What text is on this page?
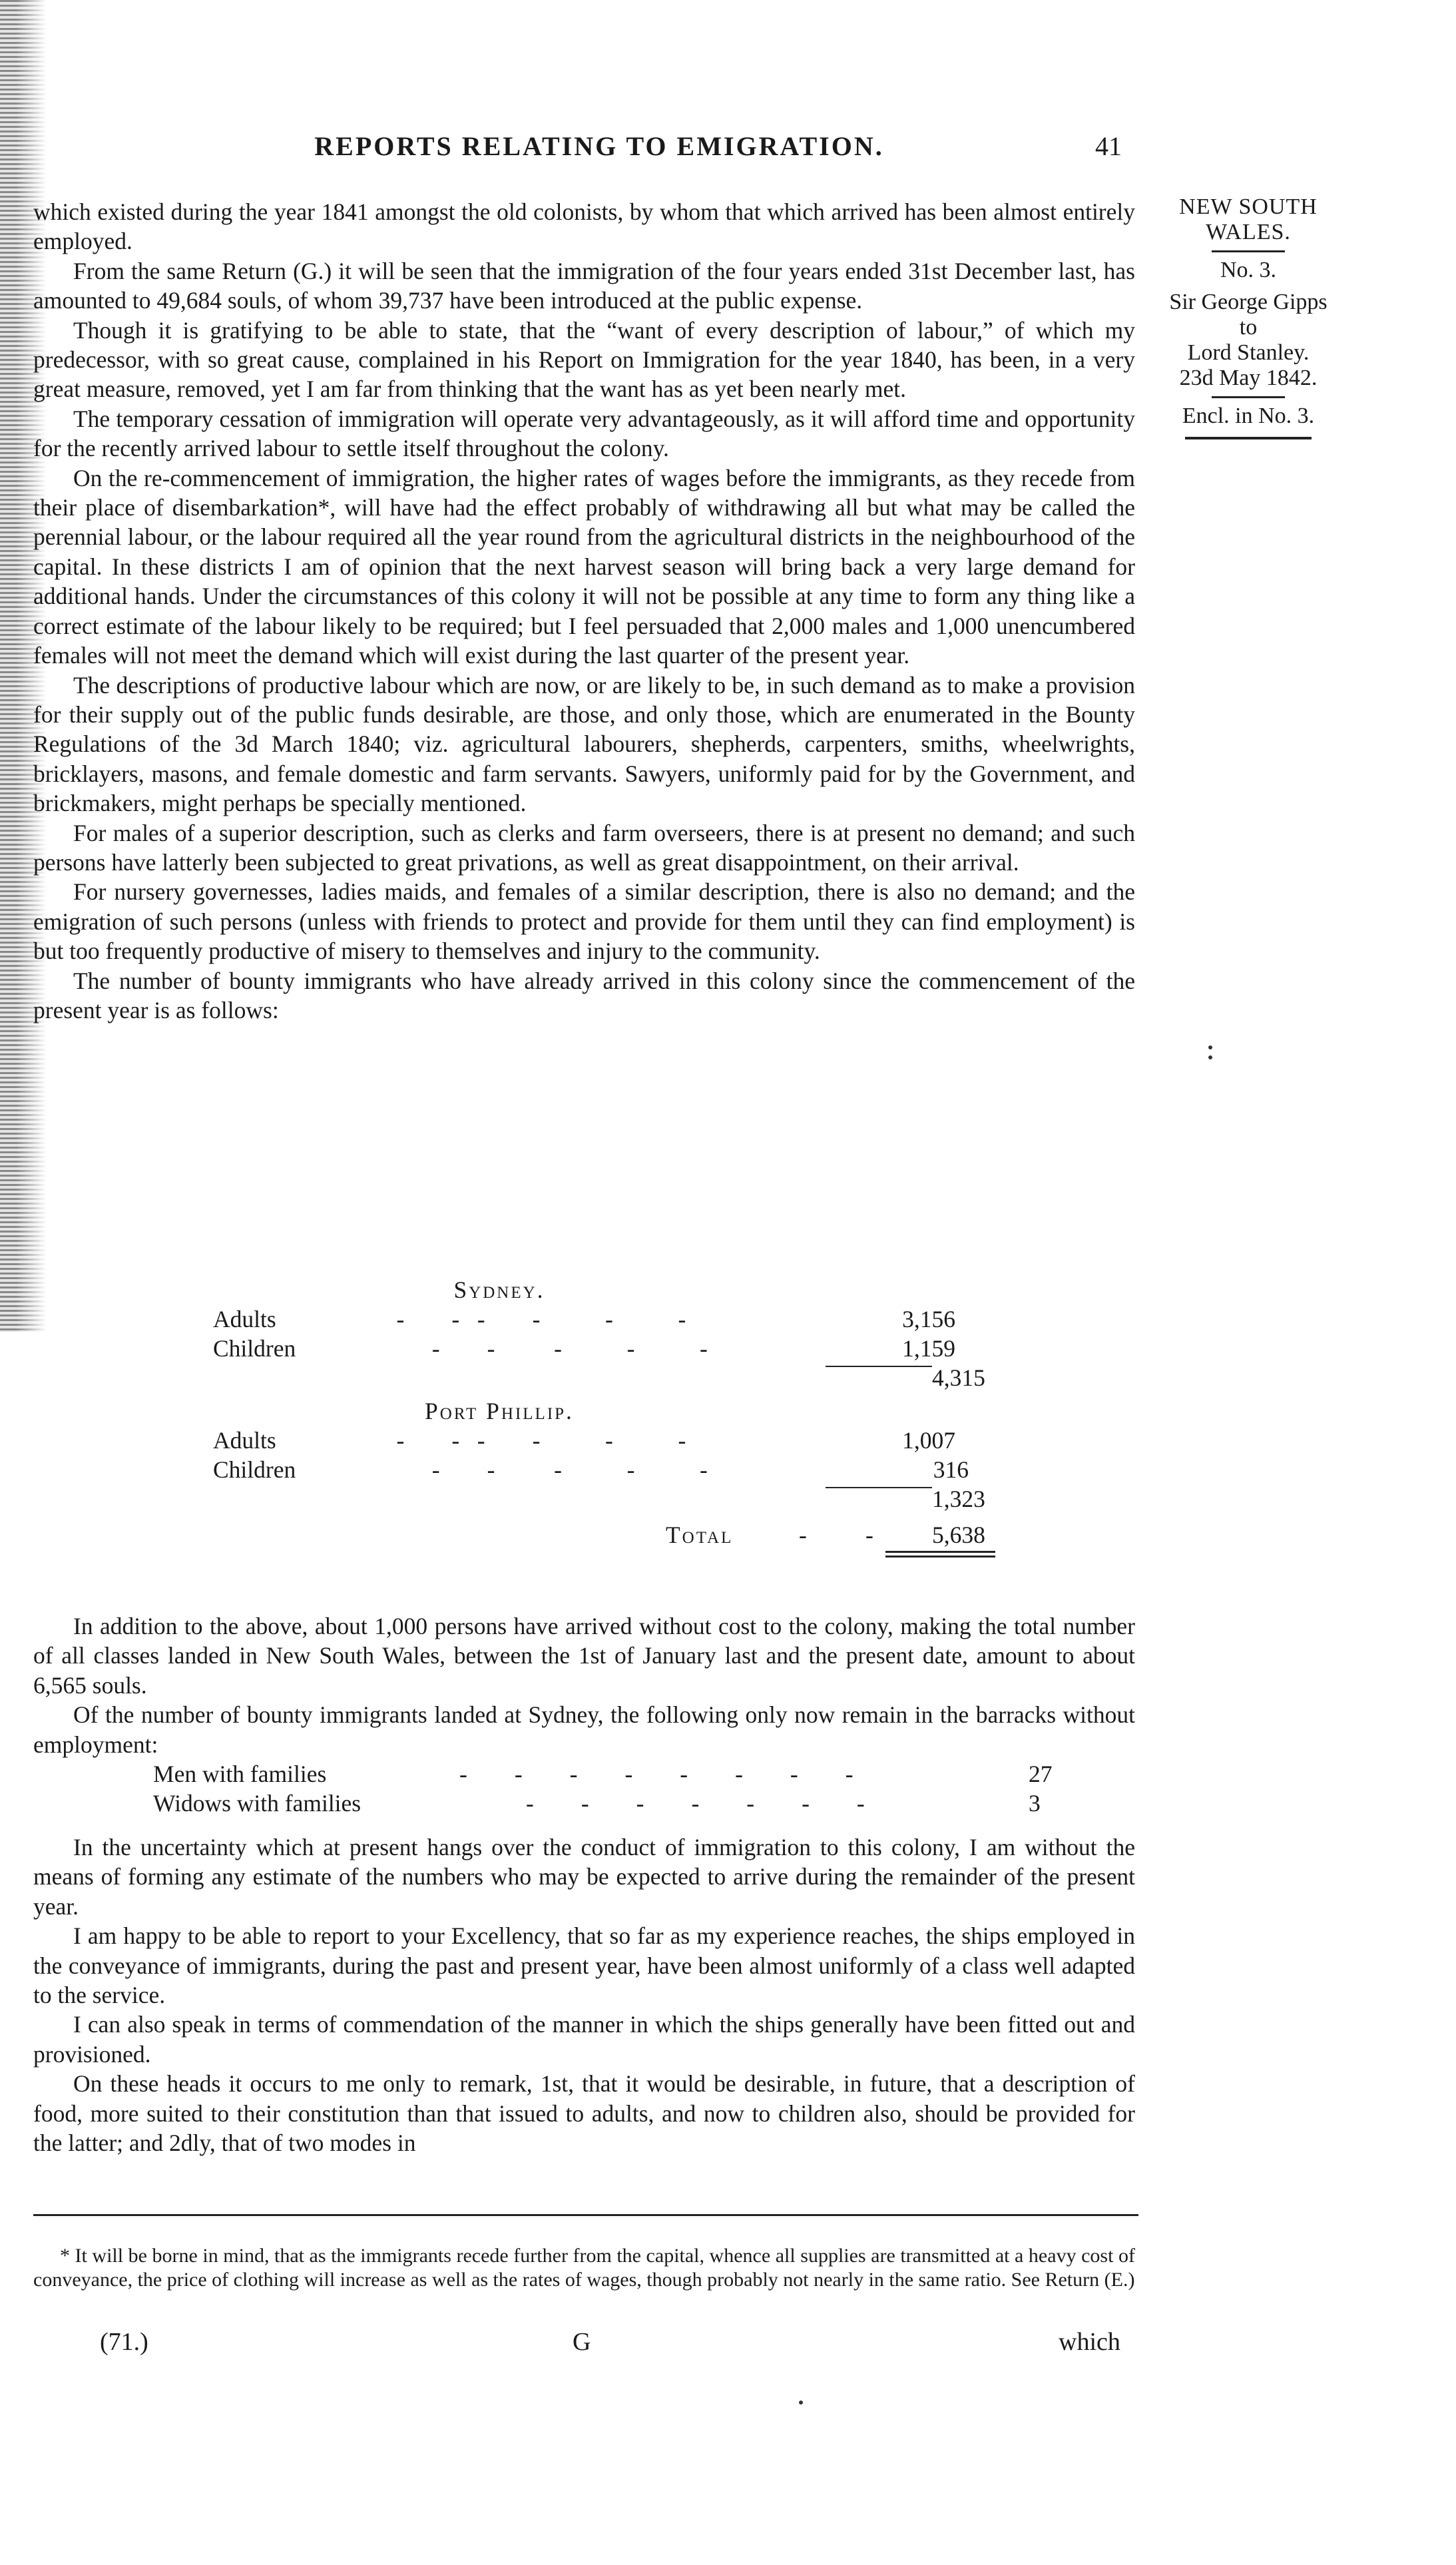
REPORTS RELATING TO EMIGRATION.	41
NEW SOUTH WALES.
No. 3.
Sir George Gipps
to
Lord Stanley.
23d May 1842.
Encl. in No. 3.

which existed during the year 1841 amongst the old colonists, by whom that which arrived has been almost entirely employed.

From the same Return (G.) it will be seen that the immigration of the four years ended 31st December last, has amounted to 49,684 souls, of whom 39,737 have been introduced at the public expense.

Though it is gratifying to be able to state, that the “want of every description of labour,” of which my predecessor, with so great cause, complained in his Report on Immigration for the year 1840, has been, in a very great measure, removed, yet I am far from thinking that the want has as yet been nearly met.

The temporary cessation of immigration will operate very advantageously, as it will afford time and opportunity for the recently arrived labour to settle itself throughout the colony.

On the re-commencement of immigration, the higher rates of wages before the immigrants, as they recede from their place of disembarkation*, will have had the effect probably of withdrawing all but what may be called the perennial labour, or the labour required all the year round from the agricultural districts in the neighbourhood of the capital. In these districts I am of opinion that the next harvest season will bring back a very large demand for additional hands. Under the circumstances of this colony it will not be possible at any time to form any thing like a correct estimate of the labour likely to be required; but I feel persuaded that 2,000 males and 1,000 unencumbered females will not meet the demand which will exist during the last quarter of the present year.

The descriptions of productive labour which are now, or are likely to be, in such demand as to make a provision for their supply out of the public funds desirable, are those, and only those, which are enumerated in the Bounty Regulations of the 3d March 1840; viz. agricultural labourers, shepherds, carpenters, smiths, wheelwrights, bricklayers, masons, and female domestic and farm servants. Sawyers, uniformly paid for by the Government, and brickmakers, might perhaps be specially mentioned.

For males of a superior description, such as clerks and farm overseers, there is at present no demand; and such persons have latterly been subjected to great privations, as well as great disappointment, on their arrival.

For nursery governesses, ladies maids, and females of a similar description, there is also no demand; and the emigration of such persons (unless with friends to protect and provide for them until they can find employment) is but too frequently productive of misery to themselves and injury to the community.

The number of bounty immigrants who have already arrived in this colony since the commencement of the present year is as follows:

Sydney.
Adults	-        -   -        -           -           -	3,156
Children	-        -          -           -           -	1,159
4,315
Port Phillip.
Adults	-        -   -        -           -           -	1,007
Children	-        -          -           -           -	316
1,323
Total	- - 5,638

In addition to the above, about 1,000 persons have arrived without cost to the colony, making the total number of all classes landed in New South Wales, between the 1st of January last and the present date, amount to about 6,565 souls.

Of the number of bounty immigrants landed at Sydney, the following only now remain in the barracks without employment:

Men with families	-        -        -        -        -        -        -        -	27
Widows with families	-        -        -        -        -        -        -	3

In the uncertainty which at present hangs over the conduct of immigration to this colony, I am without the means of forming any estimate of the numbers who may be expected to arrive during the remainder of the present year.

I am happy to be able to report to your Excellency, that so far as my experience reaches, the ships employed in the conveyance of immigrants, during the past and present year, have been almost uniformly of a class well adapted to the service.

I can also speak in terms of commendation of the manner in which the ships generally have been fitted out and provisioned.

On these heads it occurs to me only to remark, 1st, that it would be desirable, in future, that a description of food, more suited to their constitution than that issued to adults, and now to children also, should be provided for the latter; and 2dly, that of two modes in

* It will be borne in mind, that as the immigrants recede further from the capital, whence all supplies are transmitted at a heavy cost of conveyance, the price of clothing will increase as well as the rates of wages, though probably not nearly in the same ratio. See Return (E.)
(71.)	G	which
